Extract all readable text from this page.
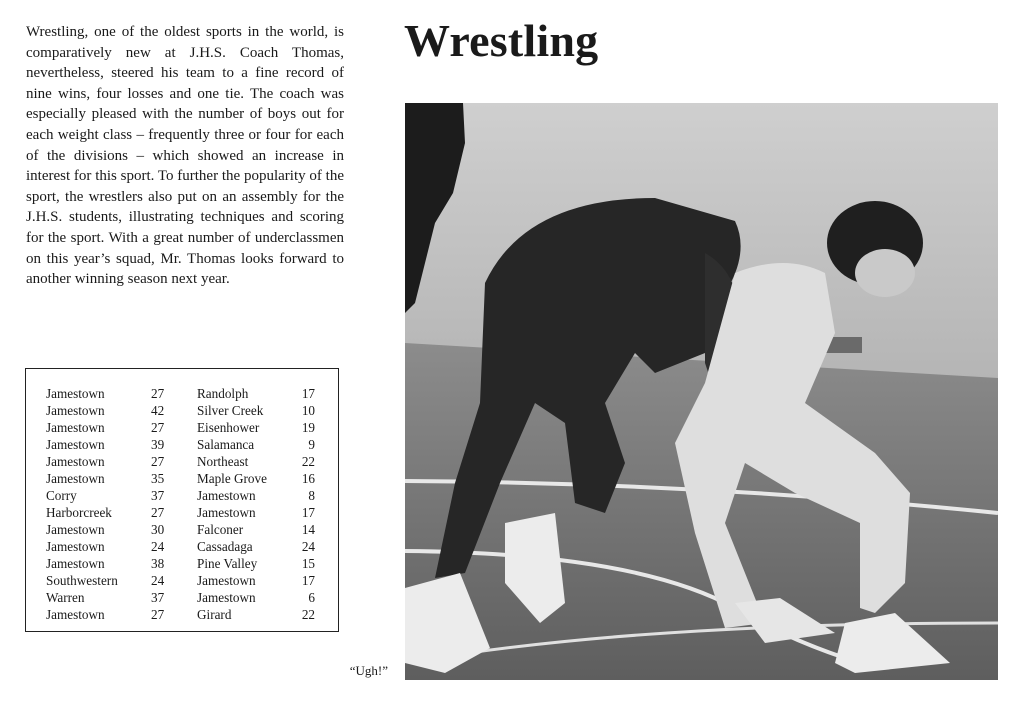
Wrestling, one of the oldest sports in the world, is comparatively new at J.H.S. Coach Thomas, nevertheless, steered his team to a fine record of nine wins, four losses and one tie. The coach was especially pleased with the number of boys out for each weight class – frequently three or four for each of the divisions – which showed an increase in interest for this sport. To further the popularity of the sport, the wrestlers also put on an assembly for the J.H.S. students, illustrating techniques and scoring for the sport. With a great number of underclassmen on this year’s squad, Mr. Thomas looks forward to another winning season next year.
Jamestown	27	Randolph	17
Jamestown	42	Silver Creek	10
Jamestown	27	Eisenhower	19
Jamestown	39	Salamanca	9
Jamestown	27	Northeast	22
Jamestown	35	Maple Grove	16
Corry	37	Jamestown	8
Harborcreek	27	Jamestown	17
Jamestown	30	Falconer	14
Jamestown	24	Cassadaga	24
Jamestown	38	Pine Valley	15
Southwestern	24	Jamestown	17
Warren	37	Jamestown	6
Jamestown	27	Girard	22
Wrestling
“Ugh!”
